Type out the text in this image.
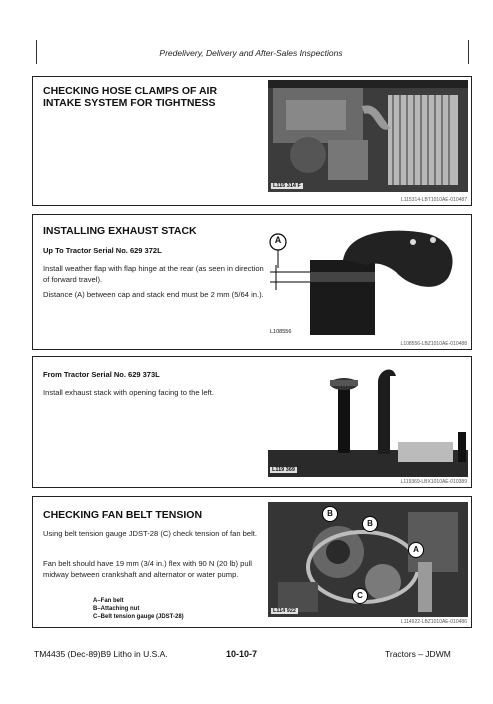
Predelivery, Delivery and After-Sales Inspections
CHECKING HOSE CLAMPS OF AIR INTAKE SYSTEM FOR TIGHTNESS
L115 314 F
L115314-LBT1010AE-010487
INSTALLING EXHAUST STACK
Up To Tractor Serial No. 629 372L
Install weather flap with flap hinge at the rear (as seen in direction of forward travel).
Distance (A) between cap and stack end must be 2 mm (5/64 in.).
A
L108556
L108556-LBZ1010AE-010488
From Tractor Serial No. 629 373L
Install exhaust stack with opening facing to the left.
L119 369
L119369-LBX1010AE-010389
CHECKING FAN BELT TENSION
Using belt tension gauge JDST-28 (C) check tension of fan belt.
Fan belt should have 19 mm (3/4 in.) flex with 90 N (20 lb) pull midway between crankshaft and alternator or water pump.
A–Fan belt
B–Attaching nut
C–Belt tension gauge (JDST-28)
B
B
A
C
L114 922
L114922-LBZ1010AE-010486
TM4435 (Dec-89)B9 Litho in U.S.A.	10-10-7	Tractors – JDWM
